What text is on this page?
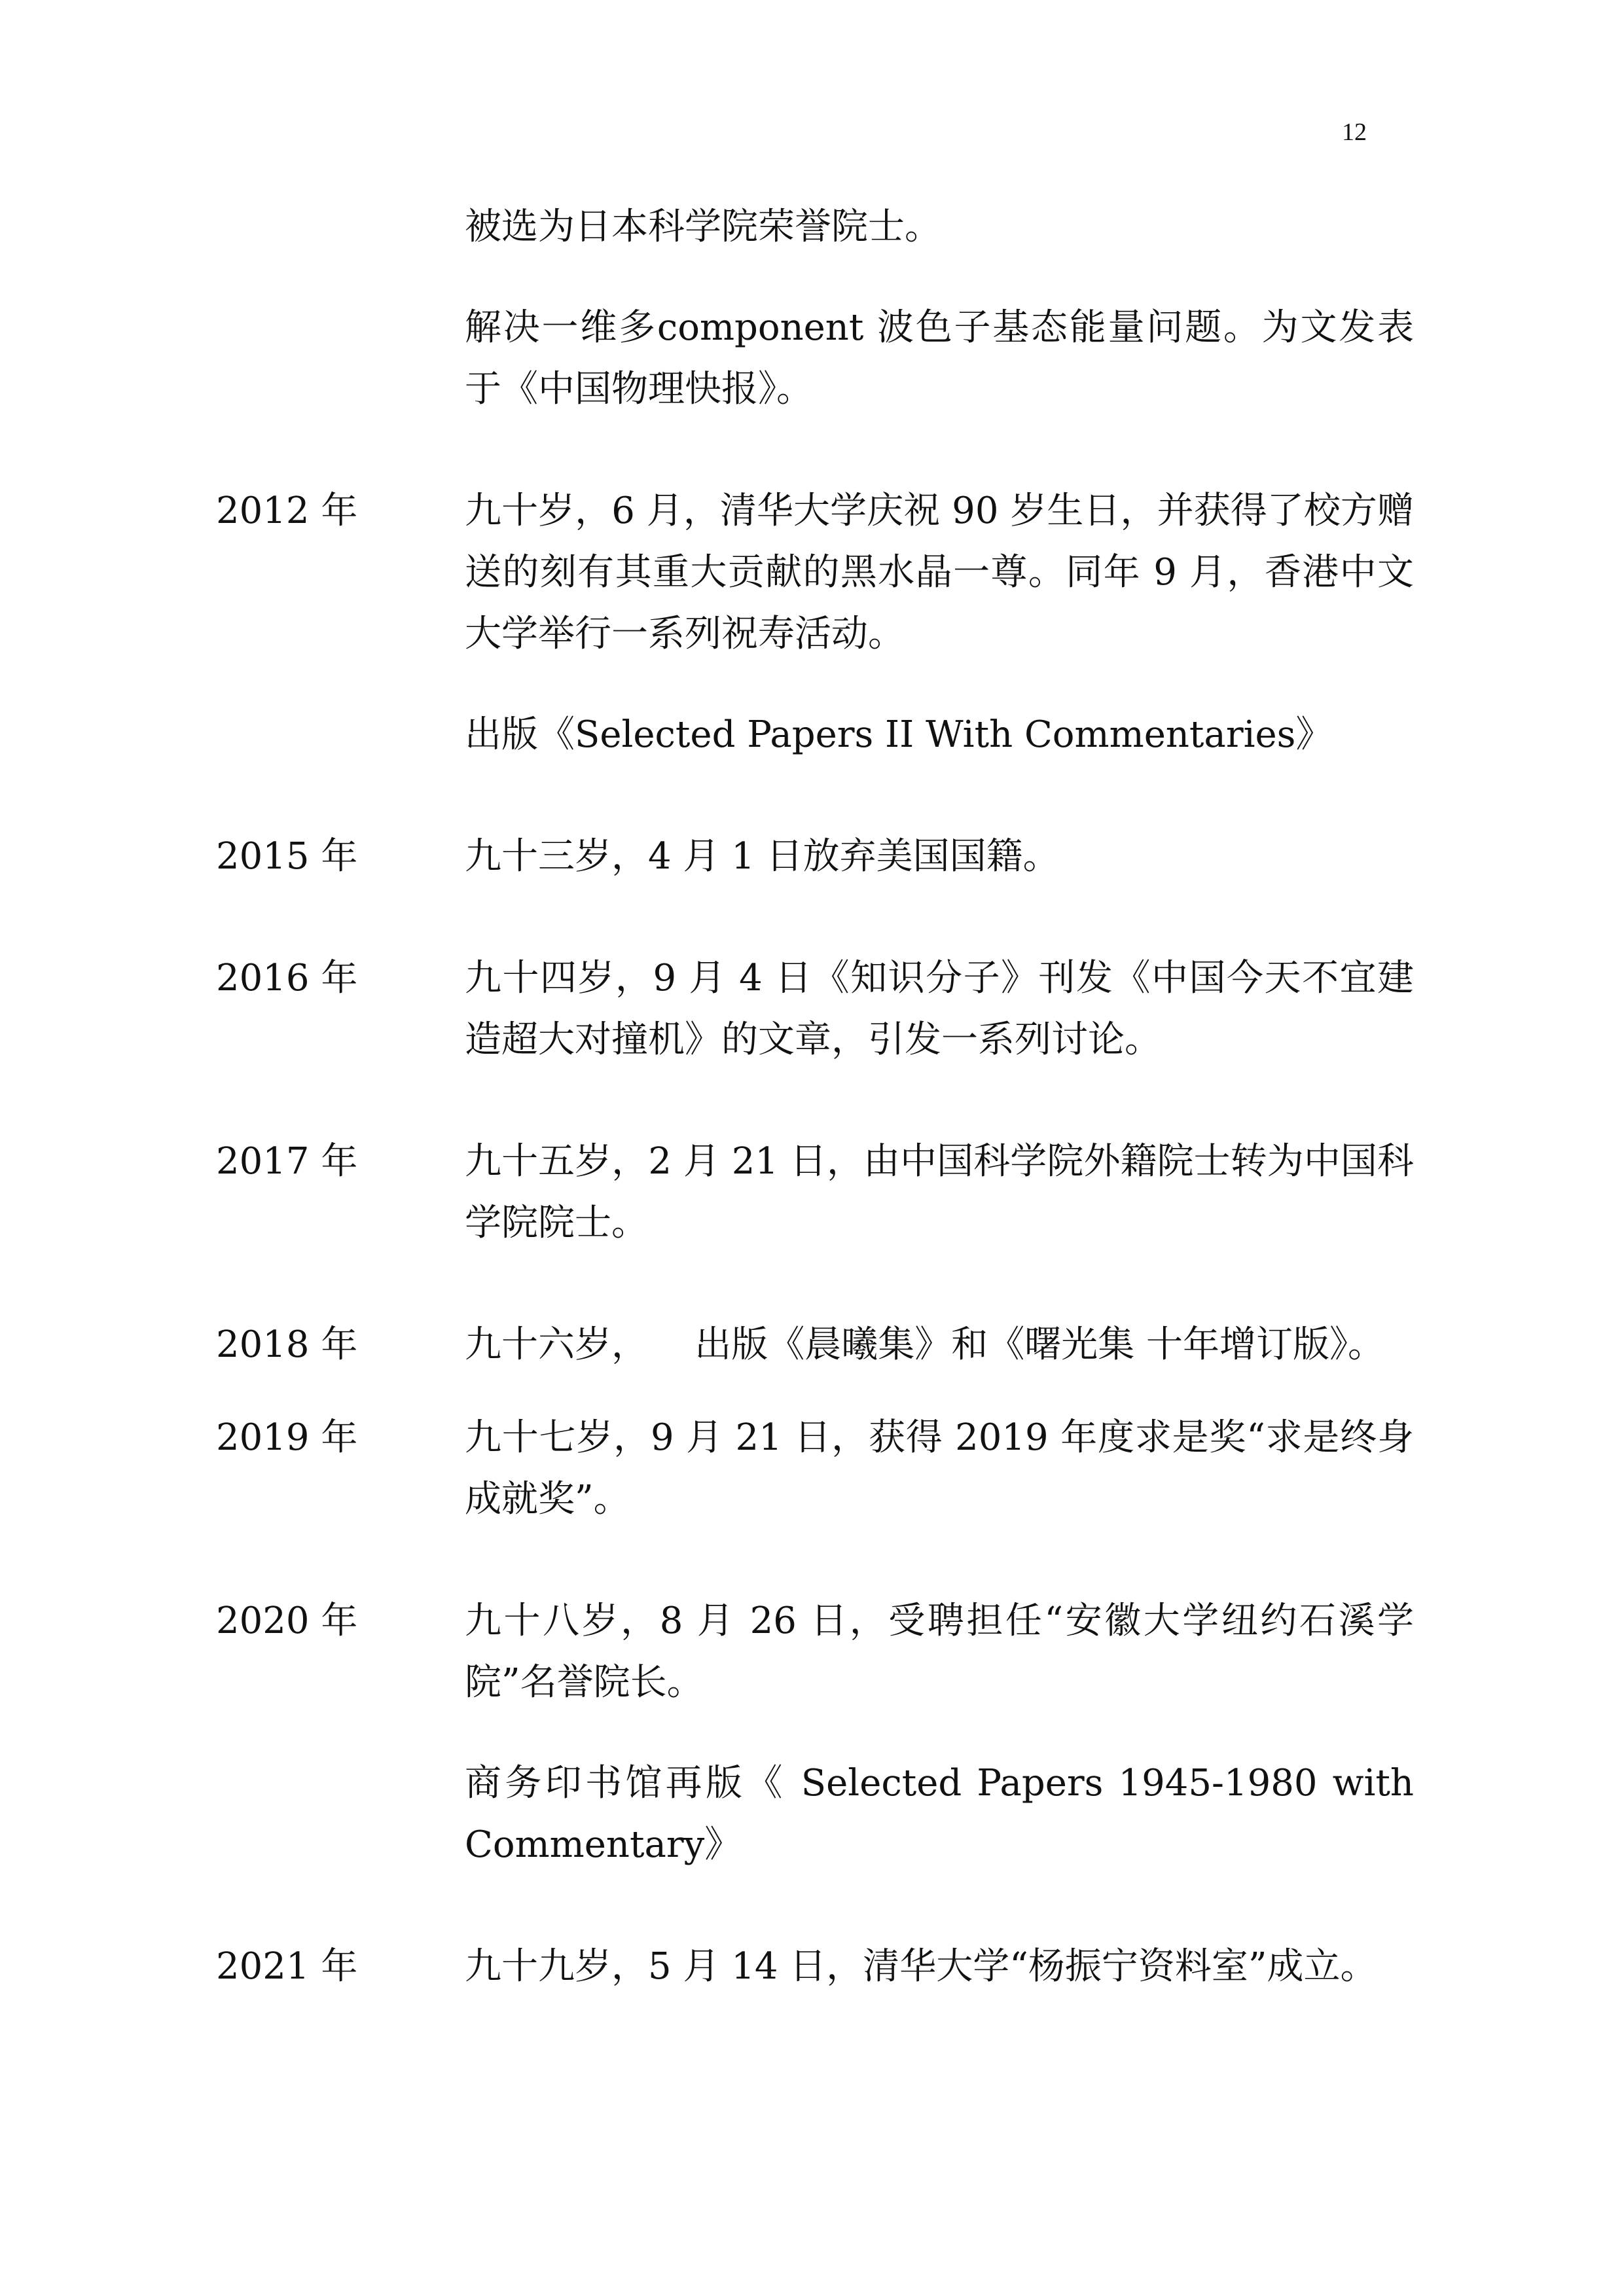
12

被选为日本科学院荣誉院士。

解决一维多component 波色子基态能量问题。为文发表于《中国物理快报》。

2012 年	九十岁，6 月，清华大学庆祝 90 岁生日，并获得了校方赠送的刻有其重大贡献的黑水晶一尊。同年 9 月，香港中文大学举行一系列祝寿活动。

出版《Selected Papers II With Commentaries》

2015 年	九十三岁，4 月 1 日放弃美国国籍。

2016 年	九十四岁，9 月 4 日《知识分子》刊发《中国今天不宜建造超大对撞机》的文章，引发一系列讨论。

2017 年	九十五岁，2 月 21 日，由中国科学院外籍院士转为中国科学院院士。

2018 年	九十六岁，    出版《晨曦集》和《曙光集 十年增订版》。

2019 年	九十七岁，9 月 21 日，获得 2019 年度求是奖“求是终身成就奖”。

2020 年	九十八岁，8 月 26 日，受聘担任“安徽大学纽约石溪学院”名誉院长。

商务印书馆再版《 Selected Papers 1945-1980 with Commentary》

2021 年	九十九岁，5 月 14 日，清华大学“杨振宁资料室”成立。
